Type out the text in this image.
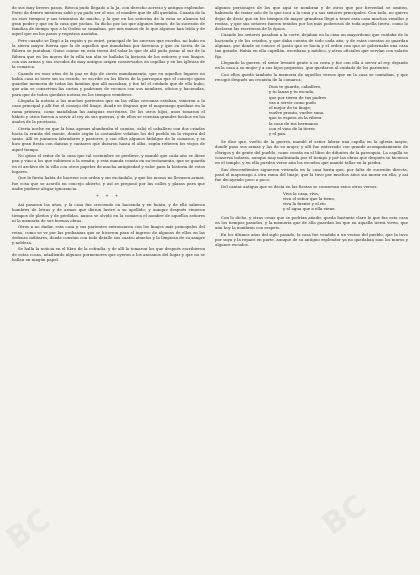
de sus muy breves pasos. Riveca pudo llegado a la Ja, con derecho acrecio y antiguo esplendor. Pavio de dentro mientras salió y ya pudo ser el uso, el nombre que de allí quedaba. Cuanta de la en esos tiempos y sus trasuntos de mucho, y la que en los señoríos de la zona se alzaron tal gran poder y que en la casa que yacían. Ya dicho por los que algunos hemos, de la sucesión de familias de tiempo que a la Orden se sumaban, por mis manos de lo que algunos han leído y de aquel que en los pasos y registros anotaba.

Pero cuando se llegó a la región y yo entré, principal de los sucesos que escribo, no hubo en la sierra mayor fuerza que la de aquellos que mandaban por herencia y que en tierra de la Ribera se juntaban. Quise contar en esta tierra del solar la que de allí pudo pasar al sur de la Ribera que en los muros de la villa tan alta se hallaba la historia de los señores y sus linajes, con sus armas y sus escudos de muy antiguo origen conservados en capillas y en las iglesias de la comarca.

Cuando en esos años de la paz se dijo de cierto mandamiento, que en aquellos lugares no había casa ni torre sin su escudo, se escribe en los libros de la parroquia que el concejo quiso guardar memoria de todas las familias que allí moraban; y fue tal el cuidado que de ello hubo, que aún se conservan las cartas y padrones de vecinos con sus nombres, oficios y haciendas, para que de todos quedase noticia en los tiempos venideros.

Llegada la noticia a los muchos parientes que en las villas cercanas estaban, vinieron a la casa principal y allí fue el consejo del linaje, donde se dispuso que el mayorazgo quedase en la rama primera, como mandaban las antiguas escrituras. De los otros hijos, unos tomaron el hábito y otros fueron a servir al rey en sus guerras, y de ellos se cuentan grandes hechos en los anales de la provincia.

Cierta noche en que la luna apenas alumbraba el camino, salió el caballero con dos criados hacia la ermita del monte, donde según la costumbre velaban los del pueblo en la víspera del santo. Allí se juntaron labradores y pastores, y con ellos algunos hidalgos de la comarca, y se hizo gran fiesta con danzas y cantares que duraron hasta el alba, según refieren los viejos de aquel tiempo.

No quiso el señor de la casa que tal costumbre se perdiese, y mandó que cada año se diese pan y vino a los que subiesen a la ermita; y esta manda consta en su testamento, que se guarda en el archivo de la villa con otros papeles de mucha antigüedad y valor para la historia de estos lugares.

Que la fiesta había de hacerse con orden y sin escándalo, y que los mozos no llevasen armas, fue cosa que se acordó en concejo abierto, y así se pregonó por las calles y plazas para que nadie pudiese alegar ignorancia.

* * *

Así pasaron los años, y la casa fue creciendo en hacienda y en honra, y de ella salieron hombres de letras y de armas que dieron lustre a su apellido; y aunque después vinieron tiempos de pleitos y de pérdidas, nunca se olvidó en la comarca el nombre de aquellos señores ni la memoria de sus buenas obras.

Otros a no dudar, esta casa y sus parientes entroncaron con los linajes más principales del reino, como se ve por las probanzas que se hicieron para el ingreso de algunos de ellos en las órdenes militares, donde constan con todo detalle sus cuatro abuelos y la limpieza de su sangre y nobleza.

Se halla la noticia en el libro de la cofradía, y de allí la tomaron los que después escribieron de estas cosas, añadiendo algunos pormenores que oyeron a los ancianos del lugar y que no se hallan en ningún papel.

algunos personajes de los que aquí se nombran y de otros que por brevedad se omiten, habiendo de tratar solo de lo que toca a la casa y a sus señores principales. Con todo, no quiero dejar de decir que en los tiempos de mayor grandeza llegó a tener esta casa muchos vasallos y rentas, y que sus señores fueron tenidos por los más poderosos de toda aquella tierra, como lo declaran las escrituras de la época.

Cuando los señores pasaban a la corte, dejaban en la casa un mayordomo que cuidaba de la hacienda y de los criados, y que daba cuenta de todo cada año; y de estas cuentas se guardan algunas, por donde se conoce el gasto que se hacía y el orden con que se gobernaba una casa tan grande. Había en ella capellán, escribano y médico, y otros oficiales que servían con salario fijo.

Llegando la guerra, el señor levantó gente a su costa y fue con ella a servir al rey, dejando en la casa a su mujer y a sus hijos pequeños, que quedaron al cuidado de los parientes.

Con ellos quedó también la memoria de aquellos versos que en la casa se cantaban, y que recogió después un cronista de la comarca:

Dios te guarde, caballero,
y tu lanza y tu escudo,
que por tierra de tus padres
vas a servir como pudo
el mejor de tu linaje;
vuelve pronto, vuelve sano,
que te espera en la ribera
la casa de tus hermanos
con el vino de la tierra
y el pan.

Se dice que, vuelto de la guerra, mandó el señor labrar una capilla en la iglesia mayor, donde puso sus armas y las de su mujer, y allí fue enterrado con grande acompañamiento de clérigos y de gente del pueblo, como consta en el libro de difuntos de la parroquia. La capilla se conserva todavía, aunque muy maltratada por el tiempo y por las obras que después se hicieron en el templo, y en ella pueden verse aún los escudos que mandó tallar en la piedra.

Sus descendientes siguieron viviendo en la casa hasta que, por falta de sucesión directa, pasó el mayorazgo a otra rama del linaje, que la tuvo por muchos años sin morar en ella, y así fue decayendo poco a poco.

Del cantar antiguo que se decía en las fiestas se conservan estos otros versos:

Viva la casa, viva,
viva el señor que la tiene,
viva la fuente y el río
y el agua que a ella viene.

Con lo dicho, y otras cosas que se podrían añadir, queda bastante claro lo que fue esta casa en los tiempos pasados, y la memoria que de ella guardan los que en aquella tierra viven, que aún hoy la nombran con respeto.

En los últimos años del siglo pasado, la casa fue vendida a un vecino del pueblo, que la tuvo por suya y la reparó en parte, aunque de su antiguo esplendor ya no quedaban sino los muros y algunos escudos.

BC	BC
